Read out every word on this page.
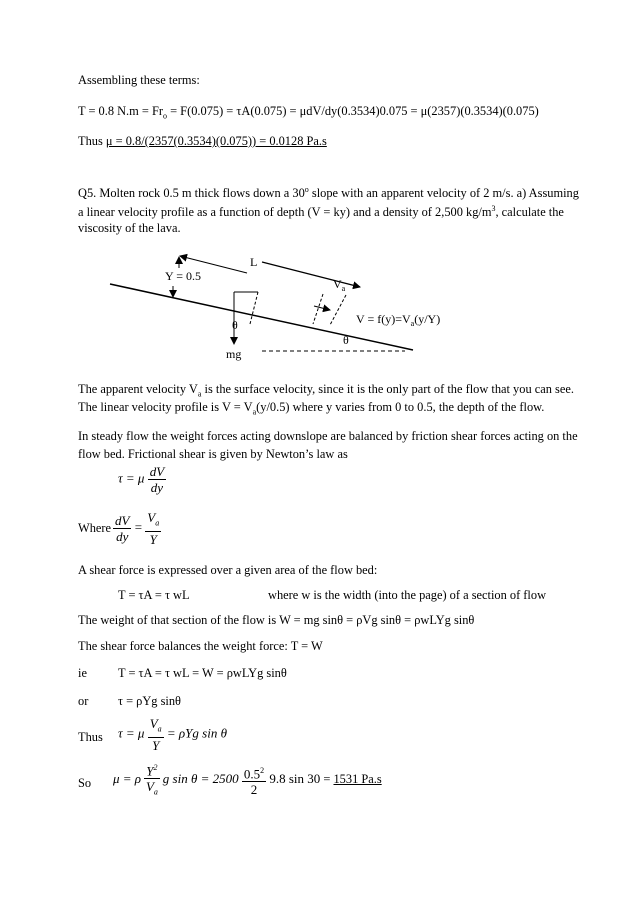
Assembling these terms:
T = 0.8 $N.m = Fr_o = F(0.075) = \tau A(0.075) = \mu dV/dy(0.3534)0.075 = \mu(2357)(0.3534)(0.075)$
Thus μ = 0.8/(2357(0.3534)(0.075)) = 0.0128 Pa.s
Q5. Molten rock 0.5 m thick flows down a 30$^o$ slope with an apparent velocity of 2 m/s. a) Assuming
a linear velocity profile as a function of depth (V = ky) and a density of 2,500 $kg/m^3$, calculate the
viscosity of the lava.
L
Y = 0.5
$V_a$
θ
mg
$V = f(y)=V_a(y/Y)$
θ
The apparent velocity $V_a$ is the surface velocity, since it is the only part of the flow that you can see.
The linear velocity profile is $V = V_a(y/0.5)$ where y varies from 0 to 0.5, the depth of the flow.
In steady flow the weight forces acting downslope are balanced by friction shear forces acting on the
flow bed. Frictional shear is given by Newton’s law as
τ = μ $\frac{dV}{dy}$
Where $\frac{dV}{dy} = \frac{V_a}{Y}$
A shear force is expressed over a given area of the flow bed:
T = τA = τ wL	where w is the width (into the page) of a section of flow
The weight of that section of the flow is W = mg sinθ = ρVg sinθ = ρwLYg sinθ
The shear force balances the weight force: T = W
ie	T = τA = τ wL = W = ρwLYg sinθ
or τ = ρYg sinθ
Thus τ = μ $\frac{V_a}{Y} = \rho Yg$ sin θ
So μ = ρ $\frac{Y^2}{V_a}$ g $\sin \theta = 2500 \frac{0.5^2}{2} 9.8$ sin 30 = 1531 Pa.s
